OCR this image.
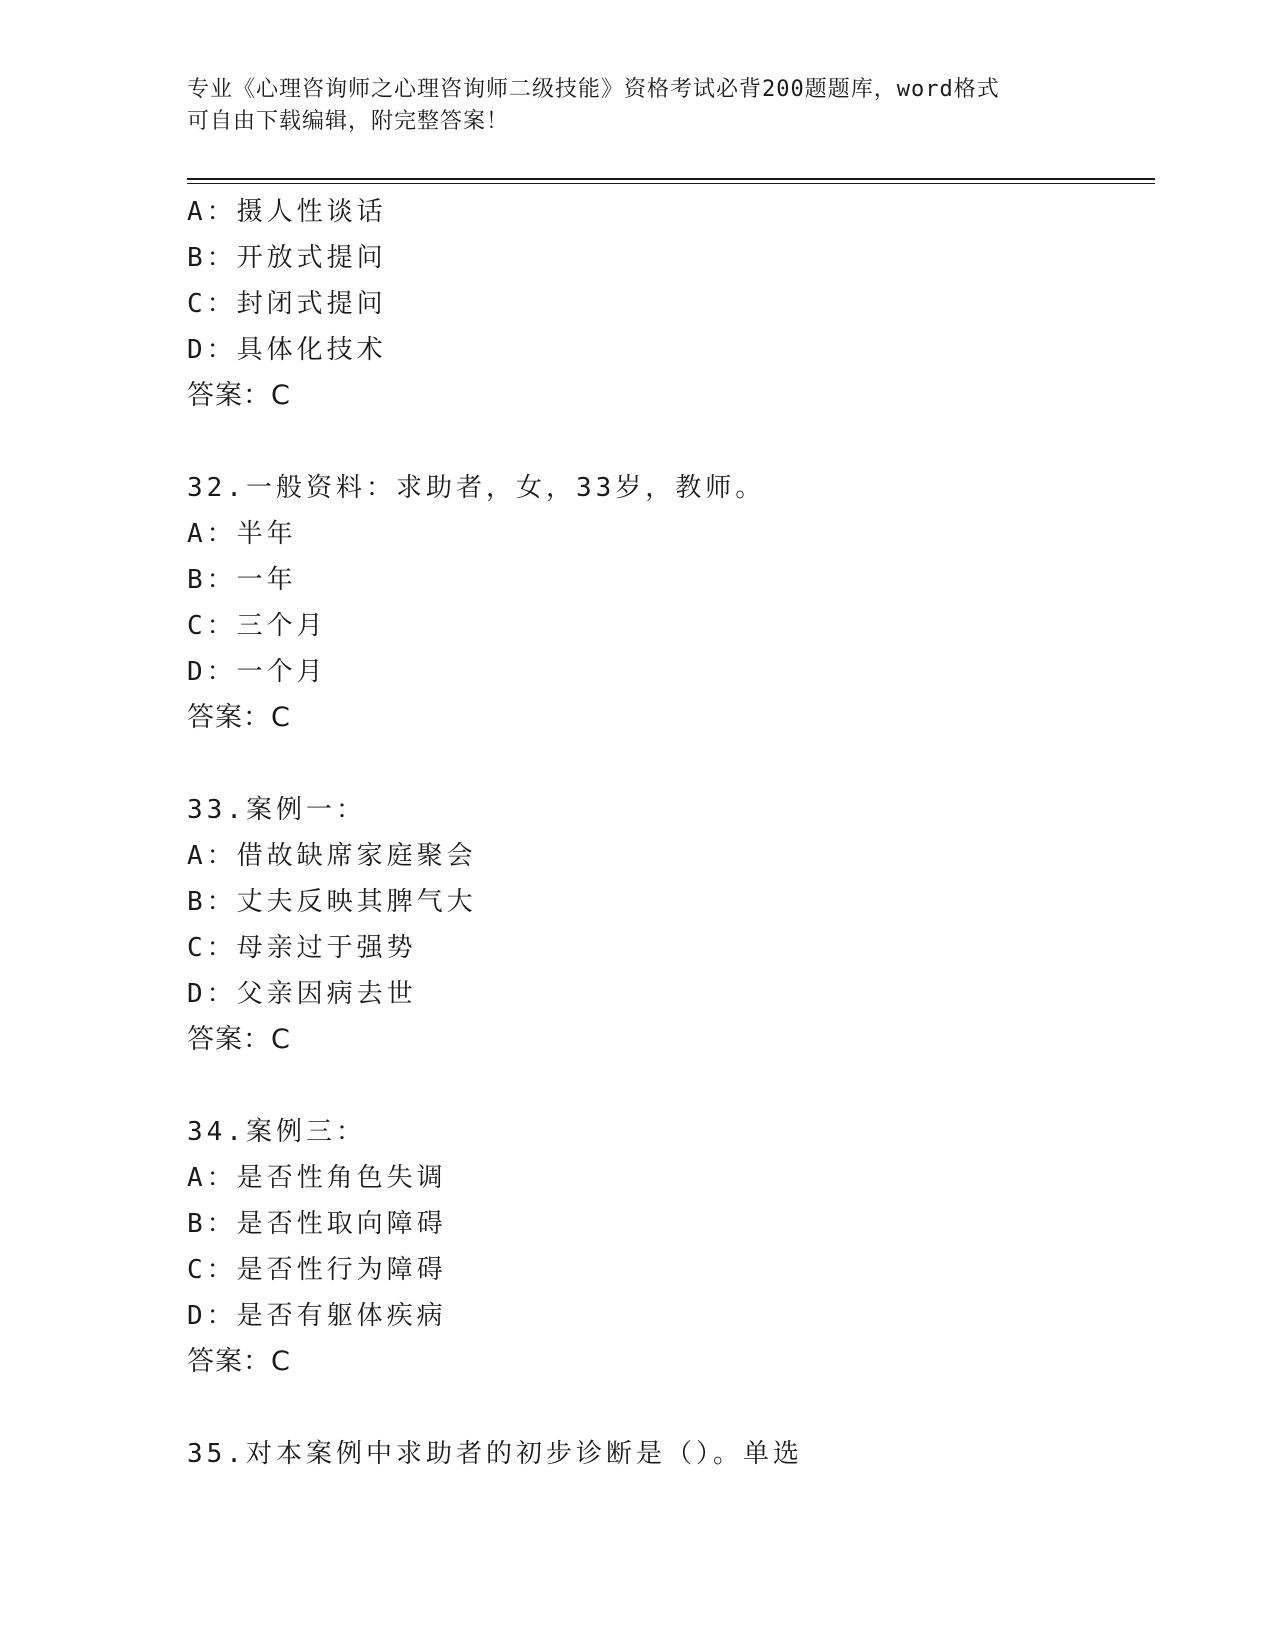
专业《心理咨询师之心理咨询师二级技能》资格考试必背200题题库，word格式
可自由下载编辑，附完整答案！
A：摄人性谈话
B：开放式提问
C：封闭式提问
D：具体化技术
答案：C
32.一般资料：求助者，女，33岁，教师。
A：半年
B：一年
C：三个月
D：一个月
答案：C
33.案例一：
A：借故缺席家庭聚会
B：丈夫反映其脾气大
C：母亲过于强势
D：父亲因病去世
答案：C
34.案例三：
A：是否性角色失调
B：是否性取向障碍
C：是否性行为障碍
D：是否有躯体疾病
答案：C
35.对本案例中求助者的初步诊断是（）。单选
